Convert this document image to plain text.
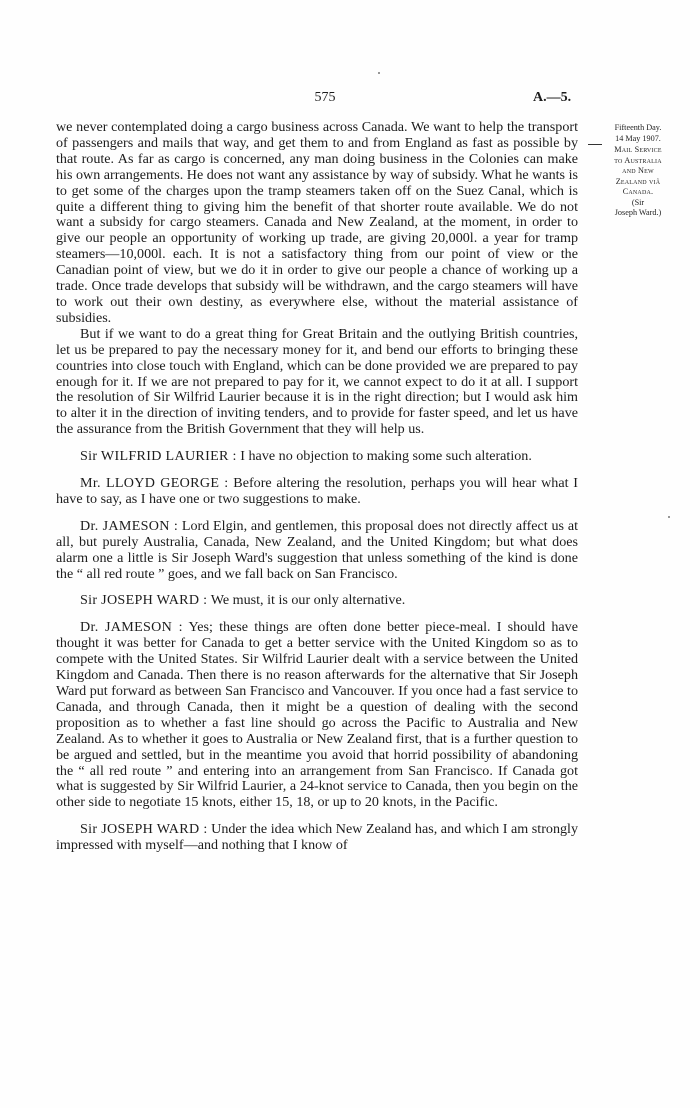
575	A.—5.
Fifteenth Day.
14 May 1907.
Mail Service
to Australia
and New
Zealand viâ
Canada.
(Sir
Joseph Ward.)

we never contemplated doing a cargo business across Canada. We want to help the transport of passengers and mails that way, and get them to and from England as fast as possible by that route. As far as cargo is concerned, any man doing business in the Colonies can make his own arrangements. He does not want any assistance by way of subsidy. What he wants is to get some of the charges upon the tramp steamers taken off on the Suez Canal, which is quite a different thing to giving him the benefit of that shorter route available. We do not want a subsidy for cargo steamers. Canada and New Zealand, at the moment, in order to give our people an opportunity of working up trade, are giving 20,000l. a year for tramp steamers—10,000l. each. It is not a satisfactory thing from our point of view or the Canadian point of view, but we do it in order to give our people a chance of working up a trade. Once trade develops that subsidy will be withdrawn, and the cargo steamers will have to work out their own destiny, as everywhere else, without the material assistance of subsidies.

But if we want to do a great thing for Great Britain and the outlying British countries, let us be prepared to pay the necessary money for it, and bend our efforts to bringing these countries into close touch with England, which can be done provided we are prepared to pay enough for it. If we are not prepared to pay for it, we cannot expect to do it at all. I support the resolution of Sir Wilfrid Laurier because it is in the right direction; but I would ask him to alter it in the direction of inviting tenders, and to provide for faster speed, and let us have the assurance from the British Government that they will help us.

Sir WILFRID LAURIER : I have no objection to making some such alteration.

Mr. LLOYD GEORGE : Before altering the resolution, perhaps you will hear what I have to say, as I have one or two suggestions to make.

Dr. JAMESON : Lord Elgin, and gentlemen, this proposal does not directly affect us at all, but purely Australia, Canada, New Zealand, and the United Kingdom; but what does alarm one a little is Sir Joseph Ward's suggestion that unless something of the kind is done the “ all red route ” goes, and we fall back on San Francisco.

Sir JOSEPH WARD : We must, it is our only alternative.

Dr. JAMESON : Yes; these things are often done better piece-meal. I should have thought it was better for Canada to get a better service with the United Kingdom so as to compete with the United States. Sir Wilfrid Laurier dealt with a service between the United Kingdom and Canada. Then there is no reason afterwards for the alternative that Sir Joseph Ward put forward as between San Francisco and Vancouver. If you once had a fast service to Canada, and through Canada, then it might be a question of dealing with the second proposition as to whether a fast line should go across the Pacific to Australia and New Zealand. As to whether it goes to Australia or New Zealand first, that is a further question to be argued and settled, but in the meantime you avoid that horrid possibility of abandoning the “ all red route ” and entering into an arrangement from San Francisco. If Canada got what is suggested by Sir Wilfrid Laurier, a 24-knot service to Canada, then you begin on the other side to negotiate 15 knots, either 15, 18, or up to 20 knots, in the Pacific.

Sir JOSEPH WARD : Under the idea which New Zealand has, and which I am strongly impressed with myself—and nothing that I know of
